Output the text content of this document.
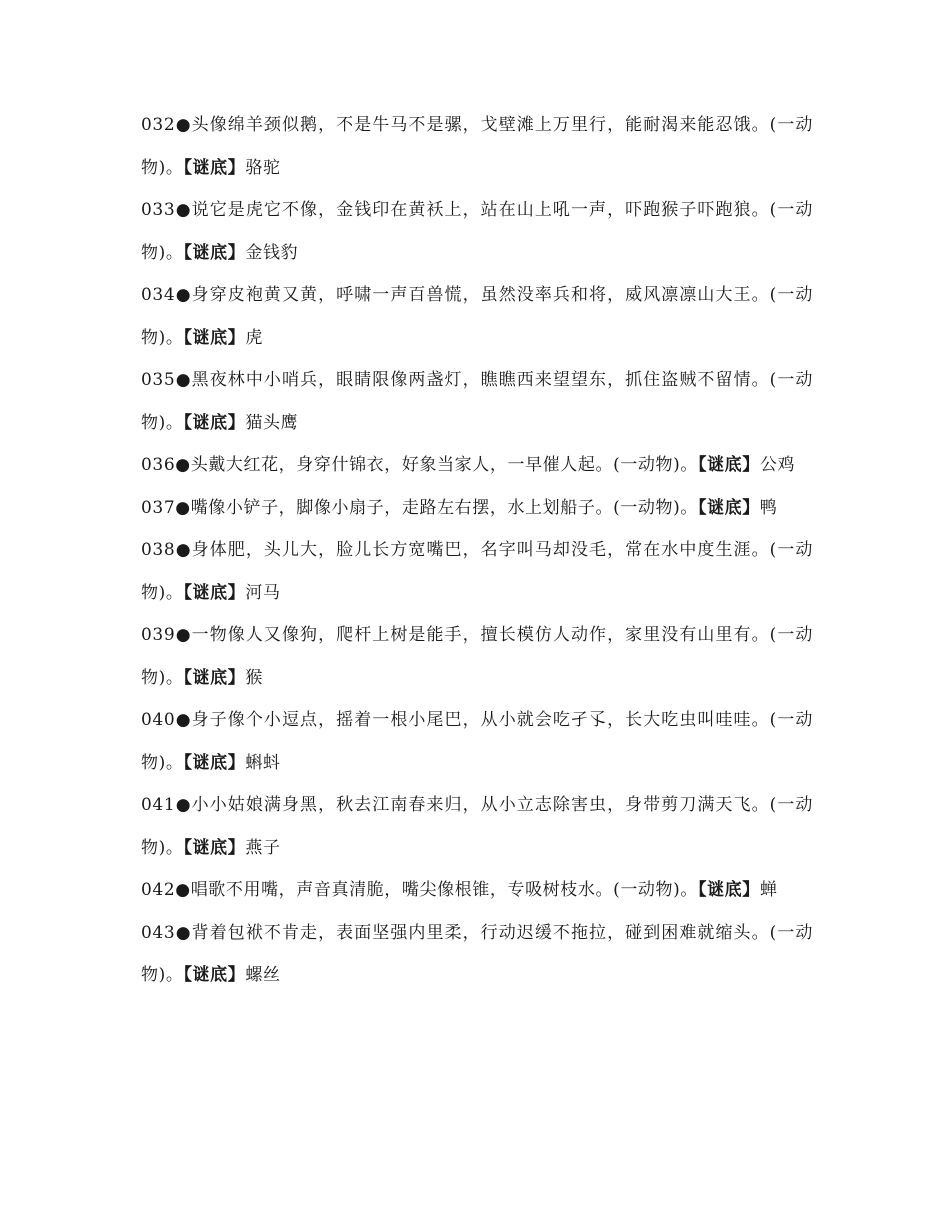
032●头像绵羊颈似鹅，不是牛马不是骡，戈壁滩上万里行，能耐渴来能忍饿。(一动物)。【谜底】骆驼

033●说它是虎它不像，金钱印在黄袄上，站在山上吼一声，吓跑猴子吓跑狼。(一动物)。【谜底】金钱豹

034●身穿皮袍黄又黄，呼啸一声百兽慌，虽然没率兵和将，威风凛凛山大王。(一动物)。【谜底】虎

035●黑夜林中小哨兵，眼睛限像两盏灯，瞧瞧西来望望东，抓住盗贼不留情。(一动物)。【谜底】猫头鹰

036●头戴大红花，身穿什锦衣，好象当家人，一早催人起。(一动物)。【谜底】公鸡

037●嘴像小铲子，脚像小扇子，走路左右摆，水上划船子。(一动物)。【谜底】鸭

038●身体肥，头儿大，脸儿长方宽嘴巴，名字叫马却没毛，常在水中度生涯。(一动物)。【谜底】河马

039●一物像人又像狗，爬杆上树是能手，擅长模仿人动作，家里没有山里有。(一动物)。【谜底】猴

040●身子像个小逗点，摇着一根小尾巴，从小就会吃孑孓，长大吃虫叫哇哇。(一动物)。【谜底】蝌蚪

041●小小姑娘满身黑，秋去江南春来归，从小立志除害虫，身带剪刀满天飞。(一动物)。【谜底】燕子

042●唱歌不用嘴，声音真清脆，嘴尖像根锥，专吸树枝水。(一动物)。【谜底】蝉

043●背着包袱不肯走，表面坚强内里柔，行动迟缓不拖拉，碰到困难就缩头。(一动物)。【谜底】螺丝
